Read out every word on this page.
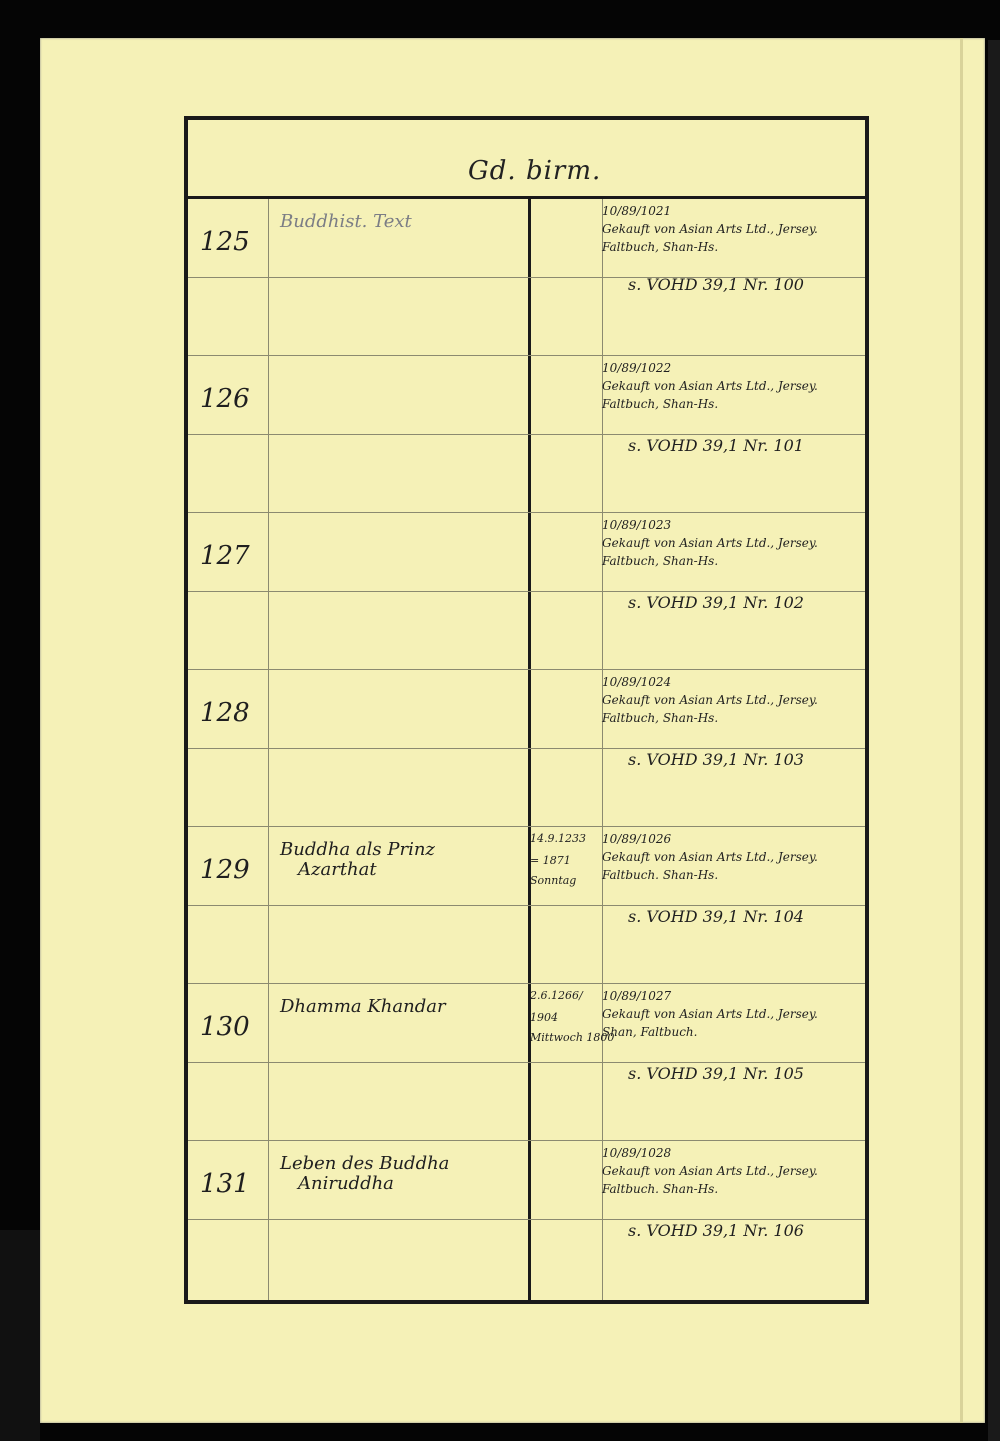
Gd. birm.
125
Buddhist. Text	10/89/1021
Gekauft von Asian Arts Ltd., Jersey.
Faltbuch, Shan-Hs.
s. VOHD 39,1 Nr. 100
126
10/89/1022
Gekauft von Asian Arts Ltd., Jersey.
Faltbuch, Shan-Hs.
s. VOHD 39,1 Nr. 101
127
10/89/1023
Gekauft von Asian Arts Ltd., Jersey.
Faltbuch, Shan-Hs.
s. VOHD 39,1 Nr. 102
128
10/89/1024
Gekauft von Asian Arts Ltd., Jersey.
Faltbuch, Shan-Hs.
s. VOHD 39,1 Nr. 103
129
Buddha als Prinz
Azarthat
14.9.1233
= 1871
Sonntag
10/89/1026
Gekauft von Asian Arts Ltd., Jersey.
Faltbuch. Shan-Hs.
s. VOHD 39,1 Nr. 104
130
Dhamma Khandar
2.6.1266/
1904
Mittwoch 1800
10/89/1027
Gekauft von Asian Arts Ltd., Jersey.
Shan, Faltbuch.
s. VOHD 39,1 Nr. 105
131
Leben des Buddha
Aniruddha
10/89/1028
Gekauft von Asian Arts Ltd., Jersey.
Faltbuch. Shan-Hs.
s. VOHD 39,1 Nr. 106
